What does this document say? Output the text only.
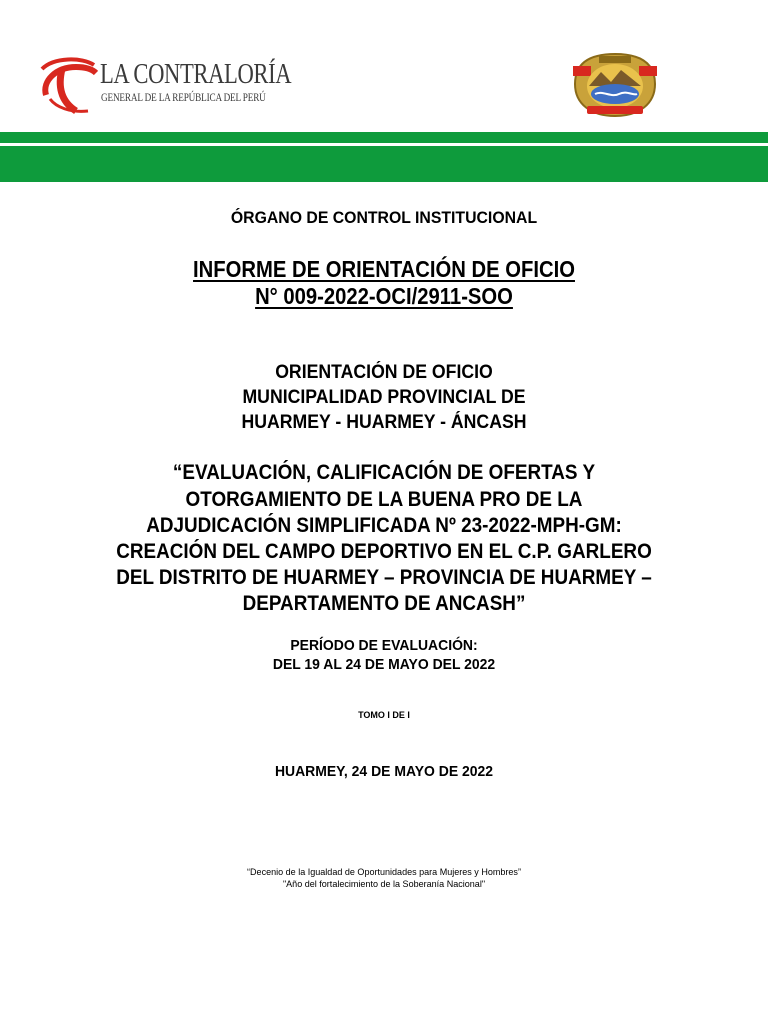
LA CONTRALORÍA
GENERAL DE LA REPÚBLICA DEL PERÚ
ÓRGANO DE CONTROL INSTITUCIONAL
INFORME DE ORIENTACIÓN DE OFICIO
N° 009-2022-OCI/2911-SOO
ORIENTACIÓN DE OFICIO
MUNICIPALIDAD PROVINCIAL DE
HUARMEY - HUARMEY - ÁNCASH
“EVALUACIÓN, CALIFICACIÓN DE OFERTAS Y
OTORGAMIENTO DE LA BUENA PRO DE LA
ADJUDICACIÓN SIMPLIFICADA Nº 23-2022-MPH-GM:
CREACIÓN DEL CAMPO DEPORTIVO EN EL C.P. GARLERO
DEL DISTRITO DE HUARMEY – PROVINCIA DE HUARMEY –
DEPARTAMENTO DE ANCASH”
PERÍODO DE EVALUACIÓN:
DEL 19 AL 24 DE MAYO DEL 2022
TOMO I DE I
HUARMEY, 24 DE MAYO DE 2022
“Decenio de la Igualdad de Oportunidades para Mujeres y Hombres”
"Año del fortalecimiento de la Soberanía Nacional"
